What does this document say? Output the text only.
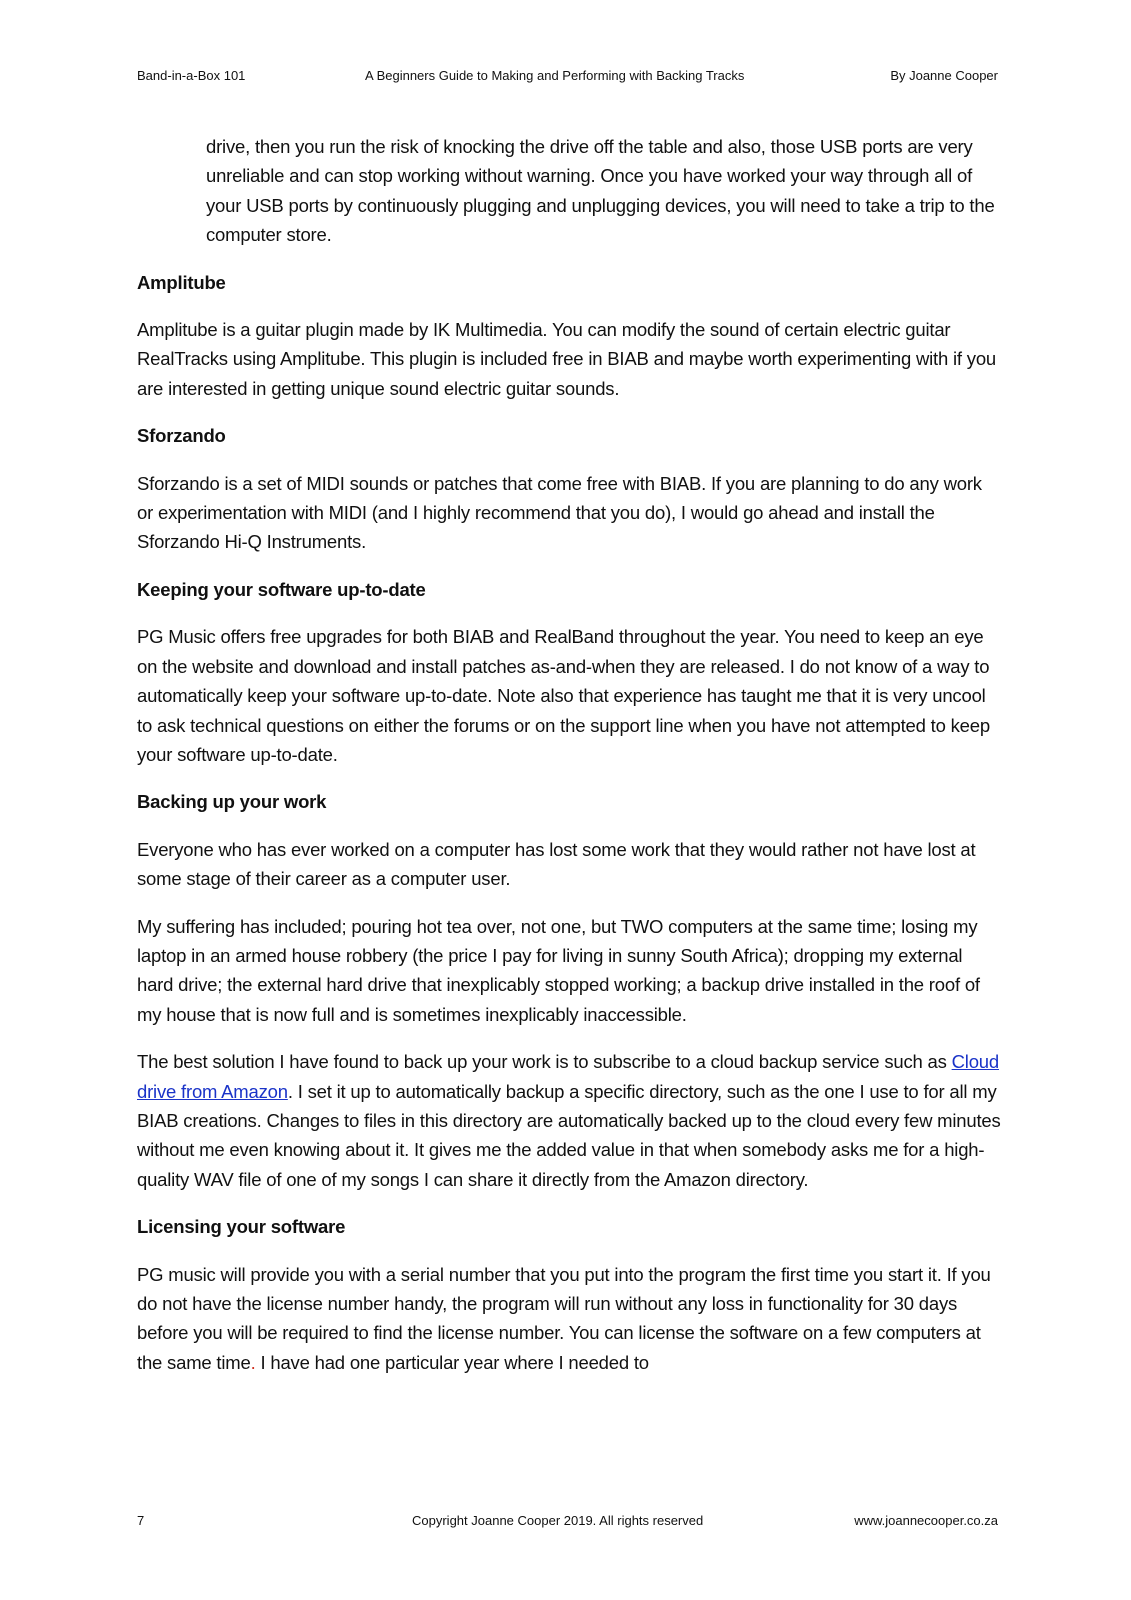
Band-in-a-Box 101	A Beginners Guide to Making and Performing with Backing Tracks	By Joanne Cooper

drive, then you run the risk of knocking the drive off the table and also, those USB ports are very unreliable and can stop working without warning. Once you have worked your way through all of your USB ports by continuously plugging and unplugging devices, you will need to take a trip to the computer store.

Amplitube

Amplitube is a guitar plugin made by IK Multimedia. You can modify the sound of certain electric guitar RealTracks using Amplitube. This plugin is included free in BIAB and maybe worth experimenting with if you are interested in getting unique sound electric guitar sounds.

Sforzando

Sforzando is a set of MIDI sounds or patches that come free with BIAB. If you are planning to do any work or experimentation with MIDI (and I highly recommend that you do), I would go ahead and install the Sforzando Hi-Q Instruments.

Keeping your software up-to-date

PG Music offers free upgrades for both BIAB and RealBand throughout the year. You need to keep an eye on the website and download and install patches as-and-when they are released. I do not know of a way to automatically keep your software up-to-date. Note also that experience has taught me that it is very uncool to ask technical questions on either the forums or on the support line when you have not attempted to keep your software up-to-date.

Backing up your work

Everyone who has ever worked on a computer has lost some work that they would rather not have lost at some stage of their career as a computer user.

My suffering has included; pouring hot tea over, not one, but TWO computers at the same time; losing my laptop in an armed house robbery (the price I pay for living in sunny South Africa); dropping my external hard drive; the external hard drive that inexplicably stopped working; a backup drive installed in the roof of my house that is now full and is sometimes inexplicably inaccessible.

The best solution I have found to back up your work is to subscribe to a cloud backup service such as Cloud drive from Amazon. I set it up to automatically backup a specific directory, such as the one I use to for all my BIAB creations. Changes to files in this directory are automatically backed up to the cloud every few minutes without me even knowing about it. It gives me the added value in that when somebody asks me for a high-quality WAV file of one of my songs I can share it directly from the Amazon directory.

Licensing your software

PG music will provide you with a serial number that you put into the program the first time you start it. If you do not have the license number handy, the program will run without any loss in functionality for 30 days before you will be required to find the license number. You can license the software on a few computers at the same time. I have had one particular year where I needed to

7	Copyright Joanne Cooper 2019. All rights reserved	www.joannecooper.co.za
